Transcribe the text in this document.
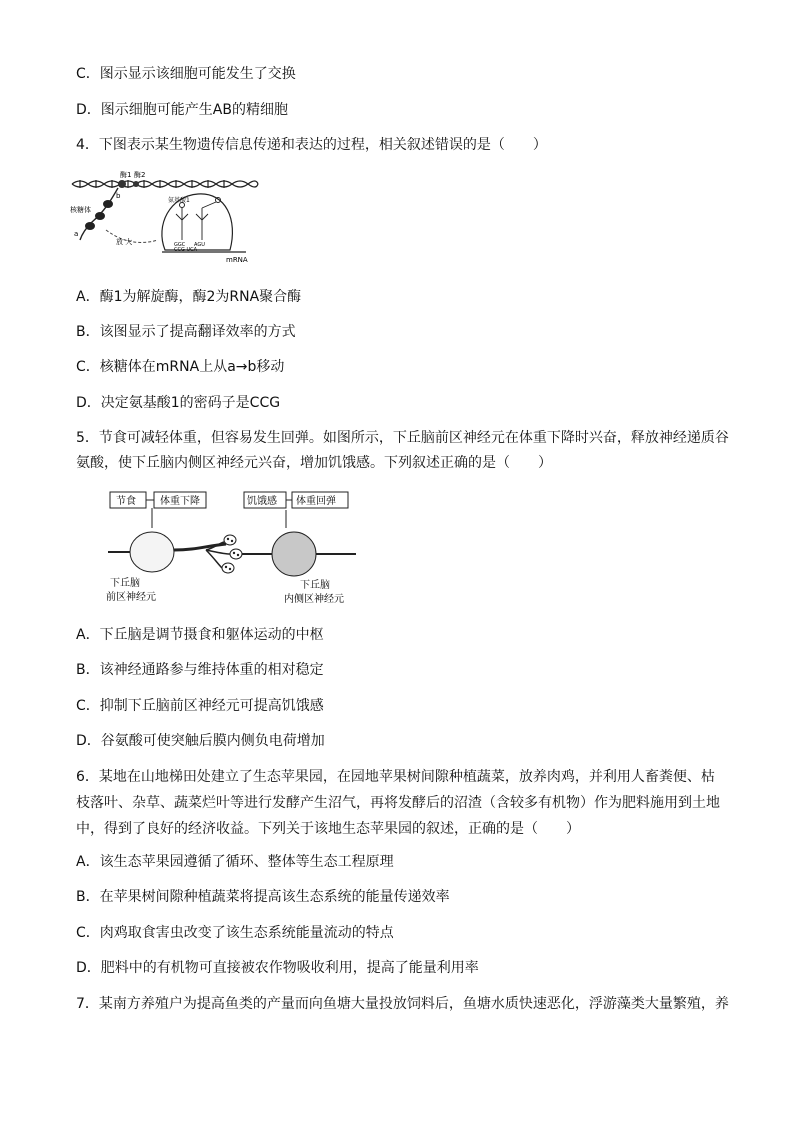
C．图示显示该细胞可能发生了交换
D．图示细胞可能产生AB的精细胞
4．下图表示某生物遗传信息传递和表达的过程，相关叙述错误的是（　　）
酶1 酶2
核糖体
a
b
放 大
氨基酸1
GGC AGU
CCG UCA
mRNA
A．酶1为解旋酶，酶2为RNA聚合酶
B．该图显示了提高翻译效率的方式
C．核糖体在mRNA上从a→b移动
D．决定氨基酸1的密码子是CCG
5．节食可减轻体重，但容易发生回弹。如图所示，下丘脑前区神经元在体重下降时兴奋，释放神经递质谷
氨酸，使下丘脑内侧区神经元兴奋，增加饥饿感。下列叙述正确的是（　　）
节食 体重下降	饥饿感 体重回弹
下丘脑
前区神经元
下丘脑
内侧区神经元
A．下丘脑是调节摄食和躯体运动的中枢
B．该神经通路参与维持体重的相对稳定
C．抑制下丘脑前区神经元可提高饥饿感
D．谷氨酸可使突触后膜内侧负电荷增加
6．某地在山地梯田处建立了生态苹果园，在园地苹果树间隙种植蔬菜，放养肉鸡，并利用人畜粪便、枯枝落叶、杂草、蔬菜烂叶等进行发酵产生沼气，再将发酵后的沼渣（含较多有机物）作为肥料施用到土地中，得到了良好的经济收益。下列关于该地生态苹果园的叙述，正确的是（　　）
A．该生态苹果园遵循了循环、整体等生态工程原理
B．在苹果树间隙种植蔬菜将提高该生态系统的能量传递效率
C．肉鸡取食害虫改变了该生态系统能量流动的特点
D．肥料中的有机物可直接被农作物吸收利用，提高了能量利用率
7．某南方养殖户为提高鱼类的产量而向鱼塘大量投放饲料后，鱼塘水质快速恶化，浮游藻类大量繁殖，养
